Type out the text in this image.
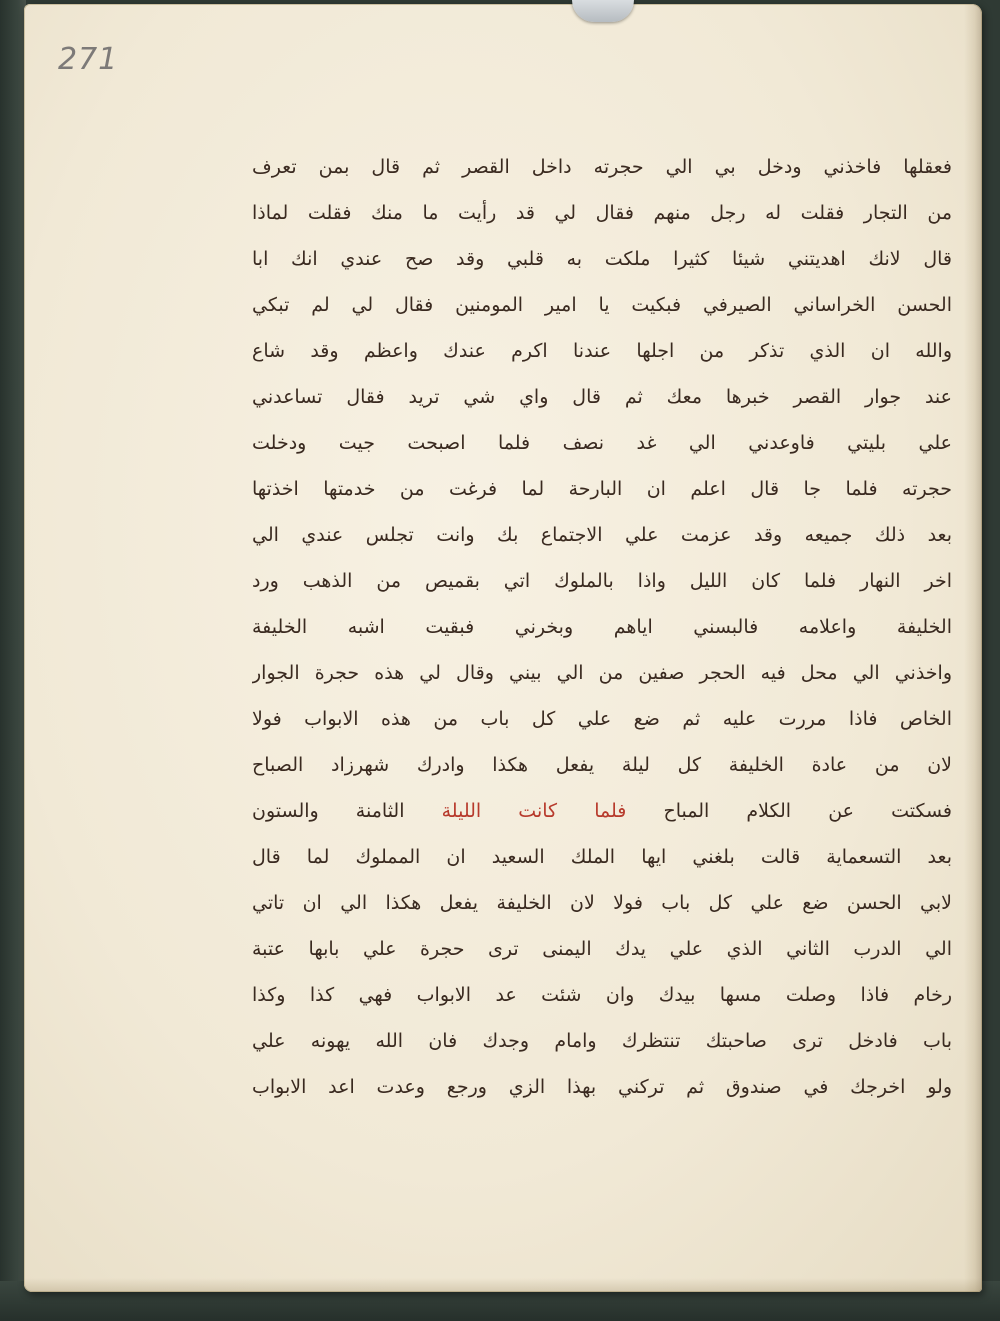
271
فعقلها فاخذني ودخل بي الي حجرته داخل القصر ثم قال بمن تعرف
من التجار فقلت له رجل منهم فقال لي قد رأيت ما منك فقلت لماذا
قال لانك اهديتني شيئا كثيرا ملكت به قلبي وقد صح عندي انك ابا
الحسن الخراساني الصيرفي فبكيت يا امير المومنين فقال لي لم تبكي
والله ان الذي تذكر من اجلها عندنا اكرم عندك واعظم وقد شاع
عند جوار القصر خبرها معك ثم قال واي شي تريد فقال تساعدني
علي بليتي فاوعدني الي غد نصف فلما اصبحت جيت ودخلت
حجرته فلما جا قال اعلم ان البارحة لما فرغت من خدمتها اخذتها
بعد ذلك جميعه وقد عزمت علي الاجتماع بك وانت تجلس عندي الي
اخر النهار فلما كان الليل واذا بالملوك اتي بقميص من الذهب ورد
الخليفة واعلامه فالبسني اياهم وبخرني فبقيت اشبه الخليفة
واخذني الي محل فيه الحجر صفين من الي بيني وقال لي هذه حجرة الجوار
الخاص فاذا مررت عليه ثم ضع علي كل باب من هذه الابواب فولا
لان من عادة الخليفة كل ليلة يفعل هكذا وادرك شهرزاد الصباح
فسكتت عن الكلام المباح فلما كانت الليلة الثامنة والستون
بعد التسعماية قالت بلغني ايها الملك السعيد ان المملوك لما قال
لابي الحسن ضع علي كل باب فولا لان الخليفة يفعل هكذا الي ان تاتي
الي الدرب الثاني الذي علي يدك اليمنى ترى حجرة علي بابها عتبة
رخام فاذا وصلت مسها بيدك وان شئت عد الابواب فهي كذا وكذا
باب فادخل ترى صاحبتك تنتظرك وامام وجدك فان الله يهونه علي
ولو اخرجك في صندوق ثم تركني بهذا الزي ورجع وعدت اعد الابواب
